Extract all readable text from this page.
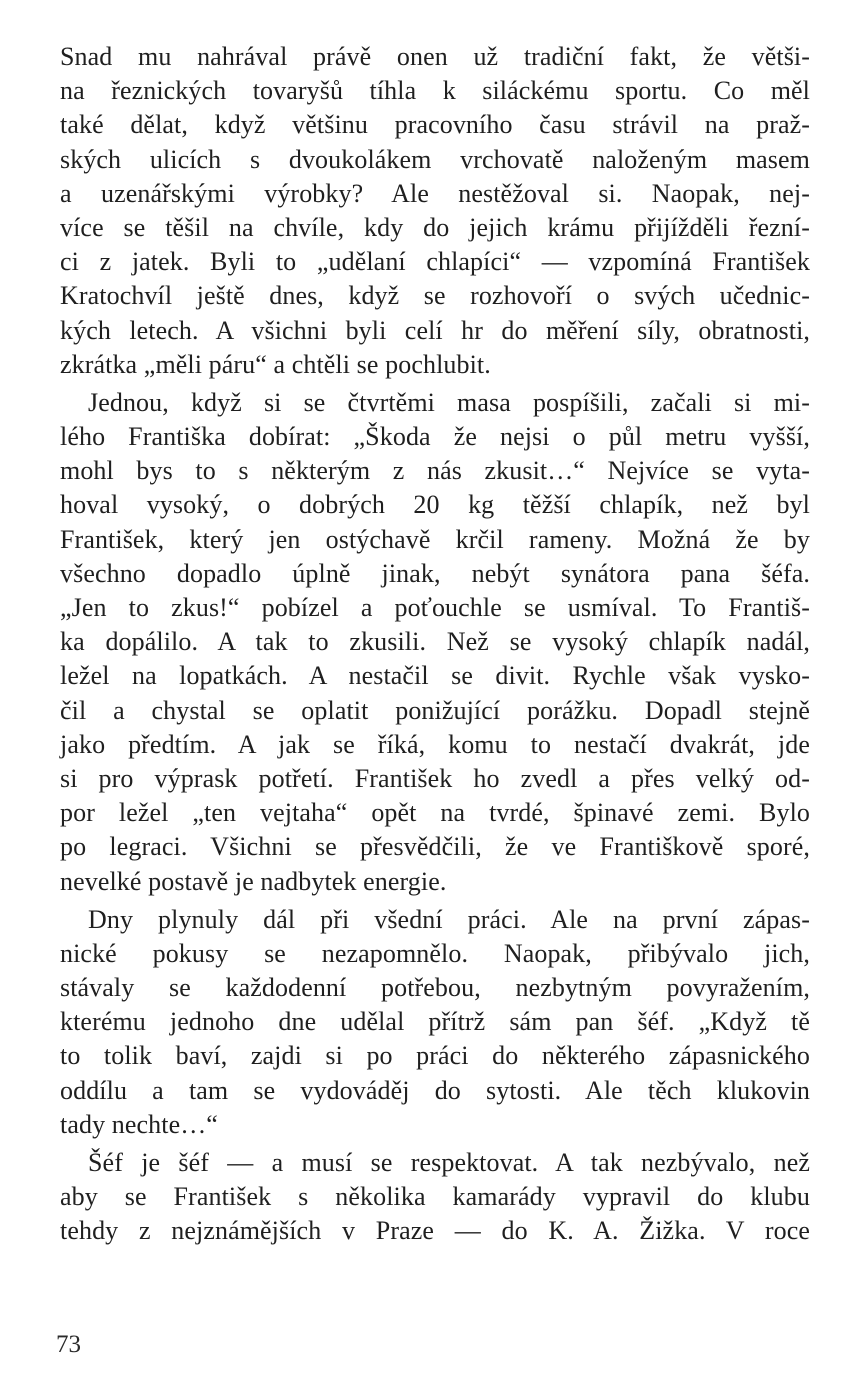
Snad mu nahrával právě onen už tradiční fakt, že větši-
na řeznických tovaryšů tíhla k siláckému sportu. Co měl
také dělat, když většinu pracovního času strávil na praž-
ských ulicích s dvoukolákem vrchovatě naloženým masem
a uzenářskými výrobky? Ale nestěžoval si. Naopak, nej-
více se těšil na chvíle, kdy do jejich krámu přijížděli řezní-
ci z jatek. Byli to „udělaní chlapíci“ — vzpomíná František
Kratochvíl ještě dnes, když se rozhovoří o svých učednic-
kých letech. A všichni byli celí hr do měření síly, obratnosti,
zkrátka „měli páru“ a chtěli se pochlubit.
Jednou, když si se čtvrtěmi masa pospíšili, začali si mi-
lého Františka dobírat: „Škoda že nejsi o půl metru vyšší,
mohl bys to s některým z nás zkusit…“ Nejvíce se vyta-
hoval vysoký, o dobrých 20 kg těžší chlapík, než byl
František, který jen ostýchavě krčil rameny. Možná že by
všechno dopadlo úplně jinak, nebýt synátora pana šéfa.
„Jen to zkus!“ pobízel a poťouchle se usmíval. To Františ-
ka dopálilo. A tak to zkusili. Než se vysoký chlapík nadál,
ležel na lopatkách. A nestačil se divit. Rychle však vysko-
čil a chystal se oplatit ponižující porážku. Dopadl stejně
jako předtím. A jak se říká, komu to nestačí dvakrát, jde
si pro výprask potřetí. František ho zvedl a přes velký od-
por ležel „ten vejtaha“ opět na tvrdé, špinavé zemi. Bylo
po legraci. Všichni se přesvědčili, že ve Františkově sporé,
nevelké postavě je nadbytek energie.
Dny plynuly dál při všední práci. Ale na první zápas-
nické pokusy se nezapomnělo. Naopak, přibývalo jich,
stávaly se každodenní potřebou, nezbytným povyražením,
kterému jednoho dne udělal přítrž sám pan šéf. „Když tě
to tolik baví, zajdi si po práci do některého zápasnického
oddílu a tam se vydováděj do sytosti. Ale těch klukovin
tady nechte…“
Šéf je šéf — a musí se respektovat. A tak nezbývalo, než
aby se František s několika kamarády vypravil do klubu
tehdy z nejznámějších v Praze — do K. A. Žižka. V roce
73
